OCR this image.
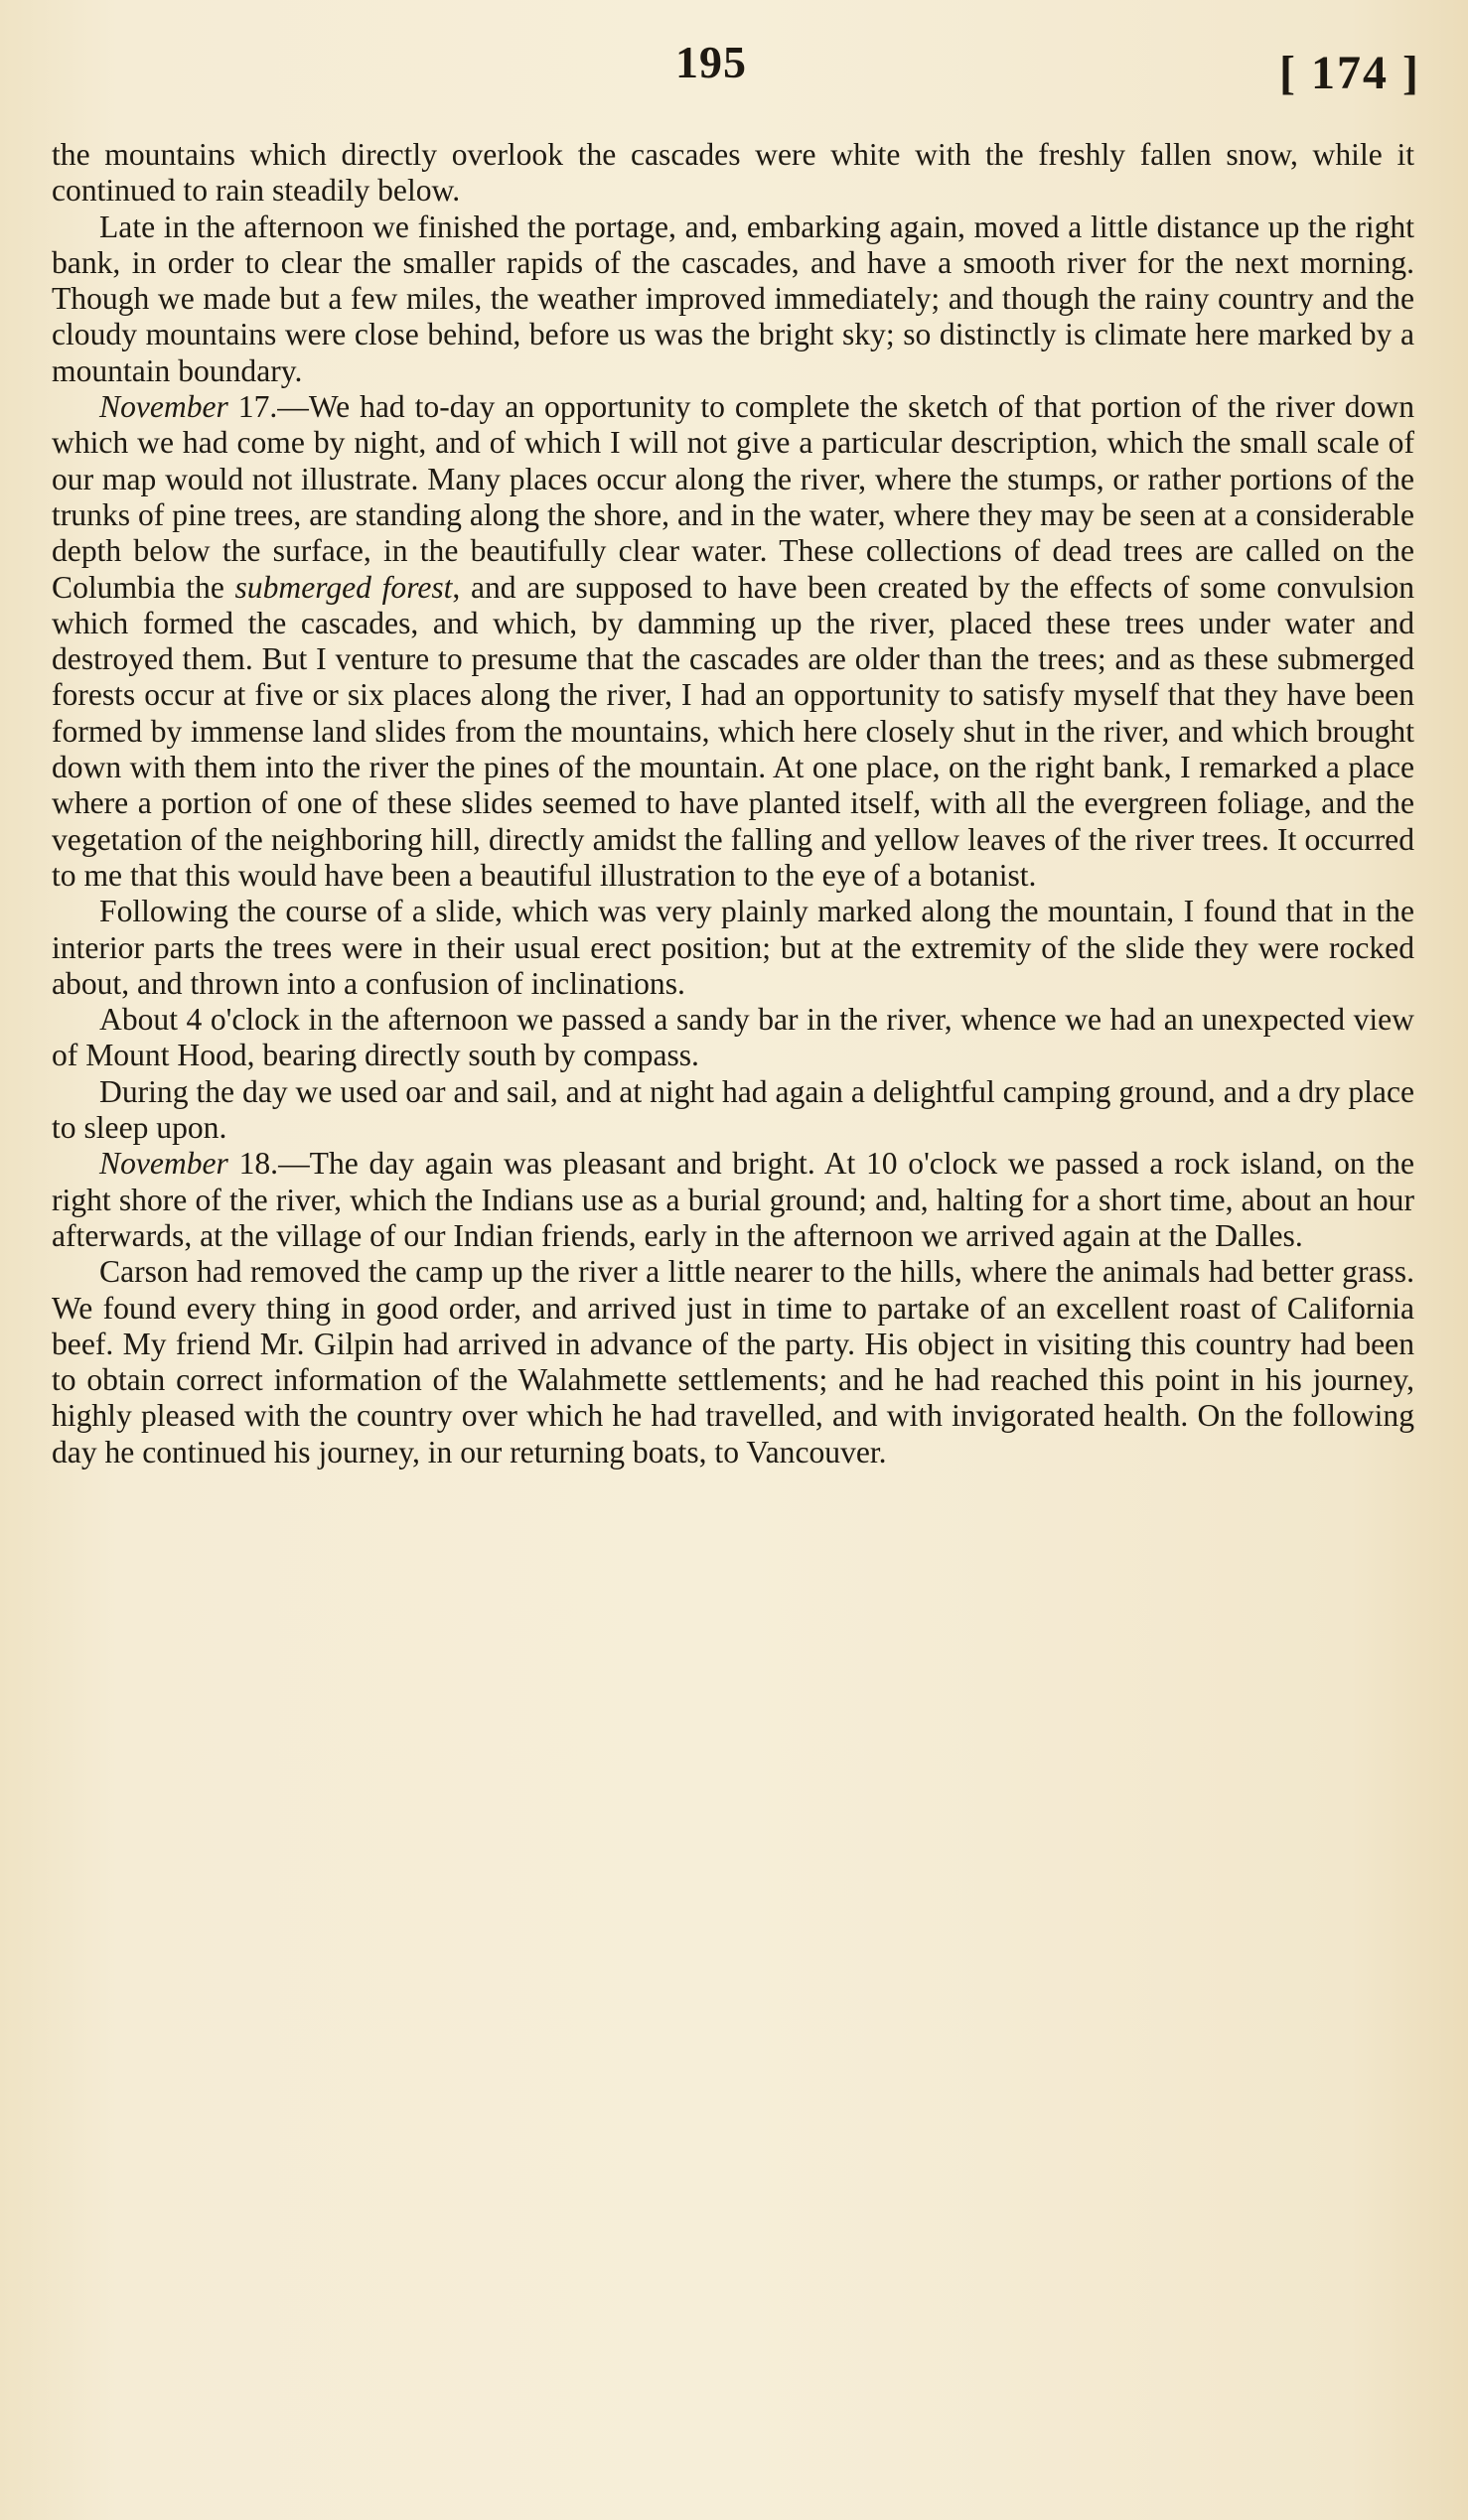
195	[ 174 ]

the mountains which directly overlook the cascades were white with the freshly fallen snow, while it continued to rain steadily below.

Late in the afternoon we finished the portage, and, embarking again, moved a little distance up the right bank, in order to clear the smaller rapids of the cascades, and have a smooth river for the next morning. Though we made but a few miles, the weather improved immediately; and though the rainy country and the cloudy mountains were close behind, before us was the bright sky; so distinctly is climate here marked by a mountain boundary.

November 17.—We had to-day an opportunity to complete the sketch of that portion of the river down which we had come by night, and of which I will not give a particular description, which the small scale of our map would not illustrate. Many places occur along the river, where the stumps, or rather portions of the trunks of pine trees, are standing along the shore, and in the water, where they may be seen at a considerable depth below the surface, in the beautifully clear water. These collections of dead trees are called on the Columbia the submerged forest, and are supposed to have been created by the effects of some convulsion which formed the cascades, and which, by damming up the river, placed these trees under water and destroyed them. But I venture to presume that the cascades are older than the trees; and as these submerged forests occur at five or six places along the river, I had an opportunity to satisfy myself that they have been formed by immense land slides from the mountains, which here closely shut in the river, and which brought down with them into the river the pines of the mountain. At one place, on the right bank, I remarked a place where a portion of one of these slides seemed to have planted itself, with all the evergreen foliage, and the vegetation of the neighboring hill, directly amidst the falling and yellow leaves of the river trees. It occurred to me that this would have been a beautiful illustration to the eye of a botanist.

Following the course of a slide, which was very plainly marked along the mountain, I found that in the interior parts the trees were in their usual erect position; but at the extremity of the slide they were rocked about, and thrown into a confusion of inclinations.

About 4 o'clock in the afternoon we passed a sandy bar in the river, whence we had an unexpected view of Mount Hood, bearing directly south by compass.

During the day we used oar and sail, and at night had again a delightful camping ground, and a dry place to sleep upon.

November 18.—The day again was pleasant and bright. At 10 o'clock we passed a rock island, on the right shore of the river, which the Indians use as a burial ground; and, halting for a short time, about an hour afterwards, at the village of our Indian friends, early in the afternoon we arrived again at the Dalles.

Carson had removed the camp up the river a little nearer to the hills, where the animals had better grass. We found every thing in good order, and arrived just in time to partake of an excellent roast of California beef. My friend Mr. Gilpin had arrived in advance of the party. His object in visiting this country had been to obtain correct information of the Walahmette settlements; and he had reached this point in his journey, highly pleased with the country over which he had travelled, and with invigorated health. On the following day he continued his journey, in our returning boats, to Vancouver.
